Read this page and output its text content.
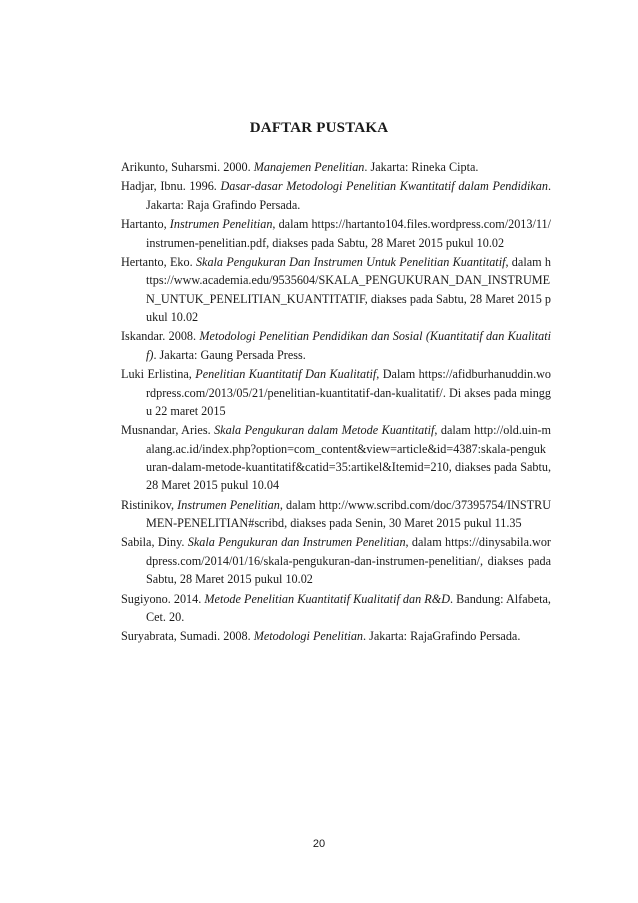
DAFTAR PUSTAKA
Arikunto, Suharsmi. 2000. Manajemen Penelitian. Jakarta: Rineka Cipta.
Hadjar, Ibnu. 1996. Dasar-dasar Metodologi Penelitian Kwantitatif dalam Pendidikan. Jakarta: Raja Grafindo Persada.
Hartanto, Instrumen Penelitian, dalam https://hartanto104.files.wordpress.com/2013/11/instrumen-penelitian.pdf, diakses pada Sabtu, 28 Maret 2015 pukul 10.02
Hertanto, Eko. Skala Pengukuran Dan Instrumen Untuk Penelitian Kuantitatif, dalam https://www.academia.edu/9535604/SKALA_PENGUKURAN_DAN_INSTRUMEN_UNTUK_PENELITIAN_KUANTITATIF, diakses pada Sabtu, 28 Maret 2015 pukul 10.02
Iskandar. 2008. Metodologi Penelitian Pendidikan dan Sosial (Kuantitatif dan Kualitatif). Jakarta: Gaung Persada Press.
Luki Erlistina, Penelitian Kuantitatif Dan Kualitatif, Dalam https://afidburhanuddin.wordpress.com/2013/05/21/penelitian-kuantitatif-dan-kualitatif/. Di akses pada minggu 22 maret 2015
Musnandar, Aries. Skala Pengukuran dalam Metode Kuantitatif, dalam http://old.uin-malang.ac.id/index.php?option=com_content&view=article&id=4387:skala-pengukuran-dalam-metode-kuantitatif&catid=35:artikel&Itemid=210, diakses pada Sabtu, 28 Maret 2015 pukul 10.04
Ristinikov, Instrumen Penelitian, dalam http://www.scribd.com/doc/37395754/INSTRUMEN-PENELITIAN#scribd, diakses pada Senin, 30 Maret 2015 pukul 11.35
Sabila, Diny. Skala Pengukuran dan Instrumen Penelitian, dalam https://dinysabila.wordpress.com/2014/01/16/skala-pengukuran-dan-instrumen-penelitian/, diakses pada Sabtu, 28 Maret 2015 pukul 10.02
Sugiyono. 2014. Metode Penelitian Kuantitatif Kualitatif dan R&D. Bandung: Alfabeta, Cet. 20.
Suryabrata, Sumadi. 2008. Metodologi Penelitian. Jakarta: RajaGrafindo Persada.
20
